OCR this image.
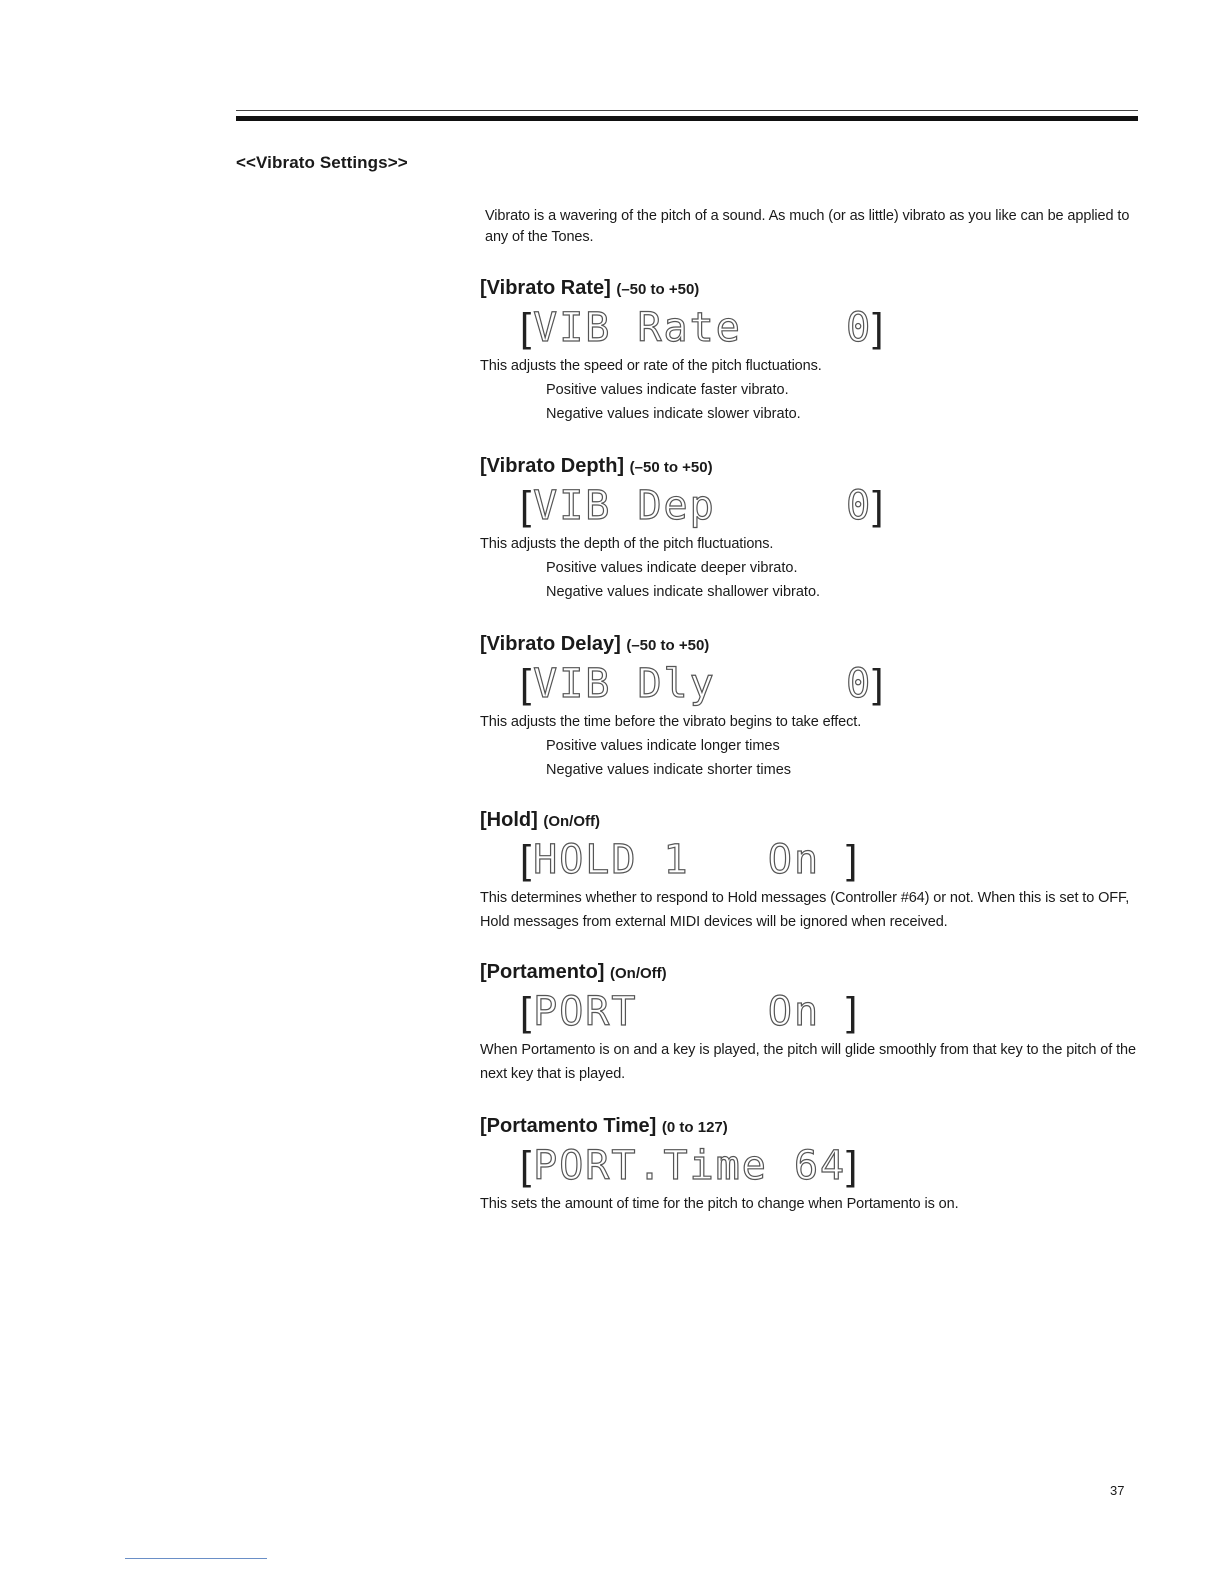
<<Vibrato Settings>>
Vibrato is a wavering of the pitch of a sound. As much (or as little) vibrato as you like can be applied to any of the Tones.
[Vibrato Rate] (–50 to +50)
[VIB Rate	0]
This adjusts the speed or rate of the pitch fluctuations.
Positive values indicate faster vibrato.
Negative values indicate slower vibrato.
[Vibrato Depth] (–50 to +50)
[VIB Dep	0]
This adjusts the depth of the pitch fluctuations.
Positive values indicate deeper vibrato.
Negative values indicate shallower vibrato.
[Vibrato Delay] (–50 to +50)
[VIB Dly	0]
This adjusts the time before the vibrato begins to take effect.
Positive values indicate longer times
Negative values indicate shorter times
[Hold] (On/Off)
[HOLD 1 On ]
This determines whether to respond to Hold messages (Controller #64) or not. When this is set to OFF, Hold messages from external MIDI devices will be ignored when received.
[Portamento] (On/Off)
[PORT	On ]
When Portamento is on and a key is played, the pitch will glide smoothly from that key to the pitch of the next key that is played.
[Portamento Time] (0 to 127)
[PORT.Time 64]
This sets the amount of time for the pitch to change when Portamento is on.
37
